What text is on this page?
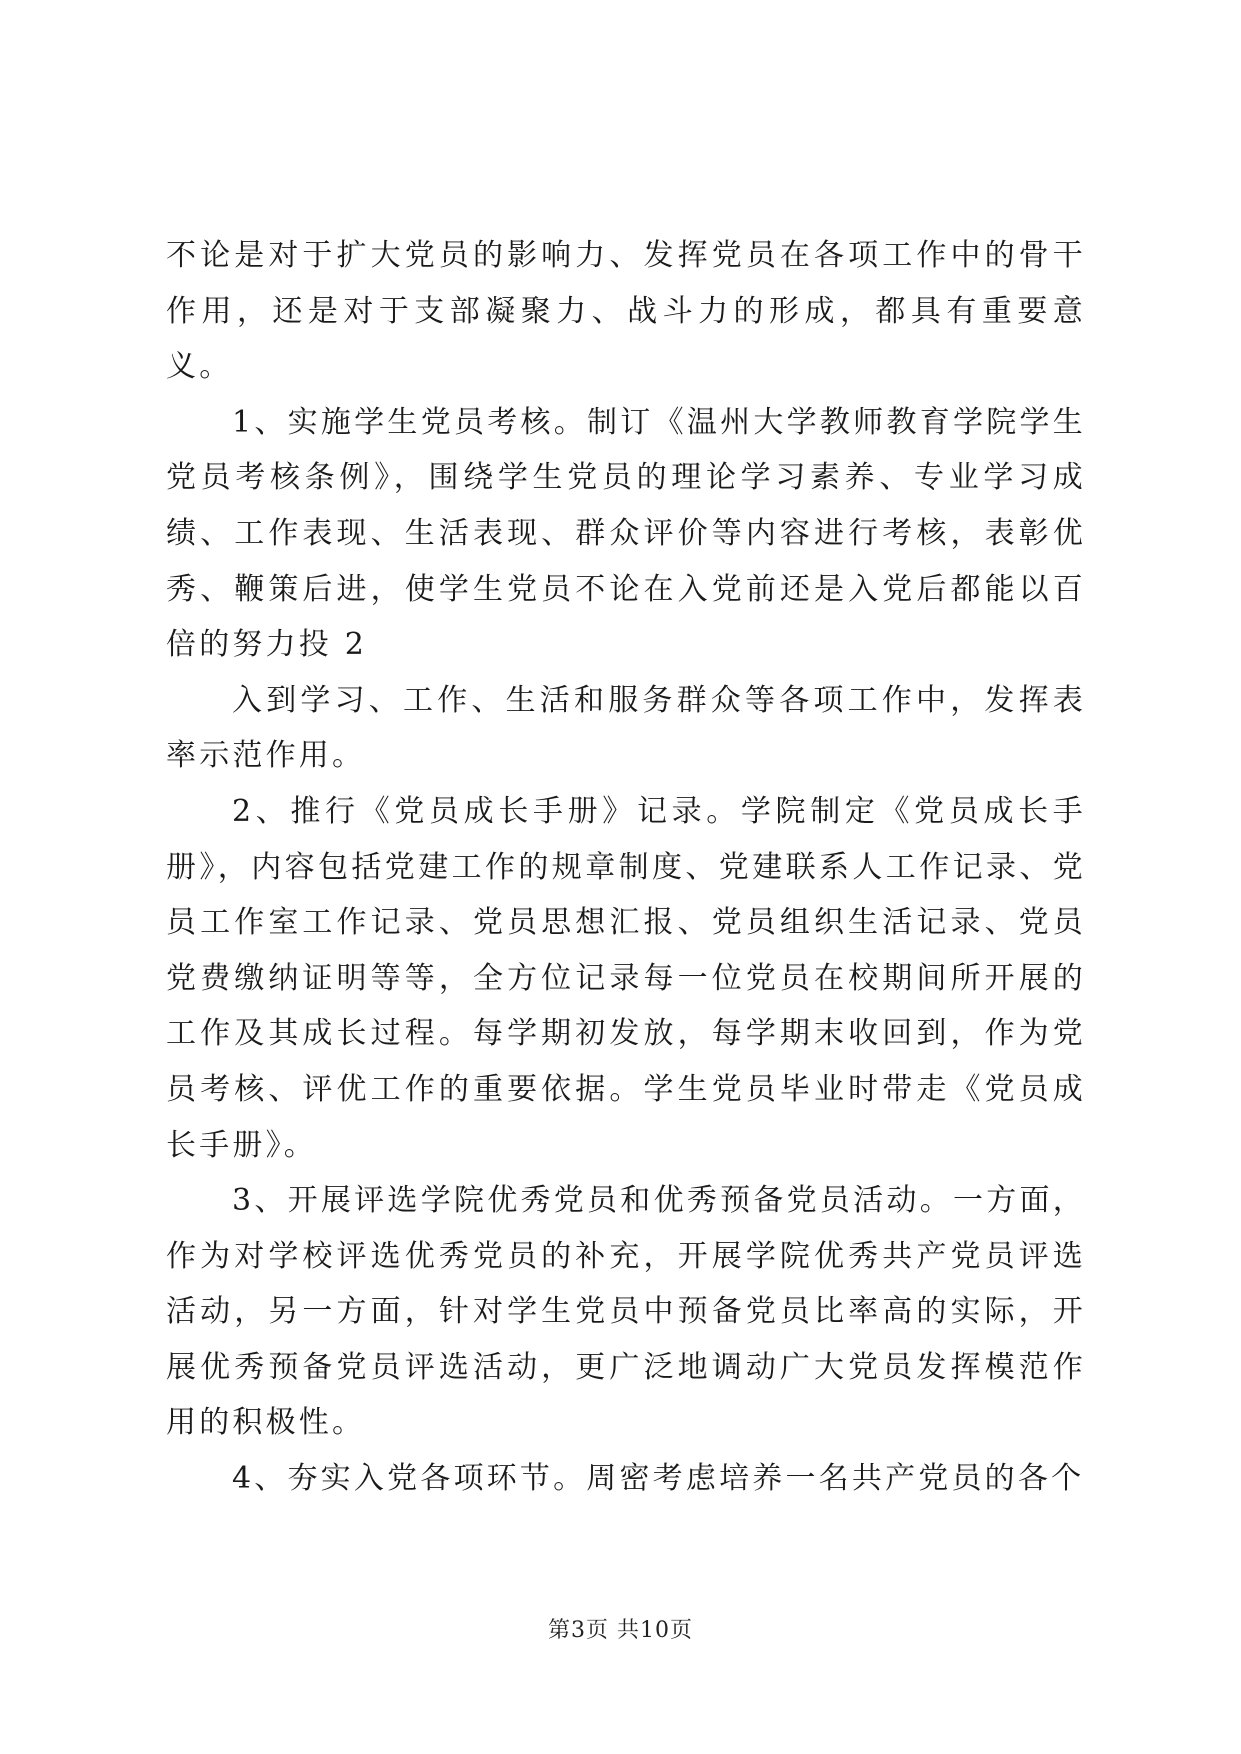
不论是对于扩大党员的影响力、发挥党员在各项工作中的骨干作用，还是对于支部凝聚力、战斗力的形成，都具有重要意义。

1、实施学生党员考核。制订《温州大学教师教育学院学生党员考核条例》，围绕学生党员的理论学习素养、专业学习成绩、工作表现、生活表现、群众评价等内容进行考核，表彰优秀、鞭策后进，使学生党员不论在入党前还是入党后都能以百倍的努力投 2

入到学习、工作、生活和服务群众等各项工作中，发挥表率示范作用。

2、推行《党员成长手册》记录。学院制定《党员成长手册》，内容包括党建工作的规章制度、党建联系人工作记录、党员工作室工作记录、党员思想汇报、党员组织生活记录、党员党费缴纳证明等等，全方位记录每一位党员在校期间所开展的工作及其成长过程。每学期初发放，每学期末收回到，作为党员考核、评优工作的重要依据。学生党员毕业时带走《党员成长手册》。

3、开展评选学院优秀党员和优秀预备党员活动。一方面，作为对学校评选优秀党员的补充，开展学院优秀共产党员评选活动，另一方面，针对学生党员中预备党员比率高的实际，开展优秀预备党员评选活动，更广泛地调动广大党员发挥模范作用的积极性。

4、夯实入党各项环节。周密考虑培养一名共产党员的各个

第3页 共10页
